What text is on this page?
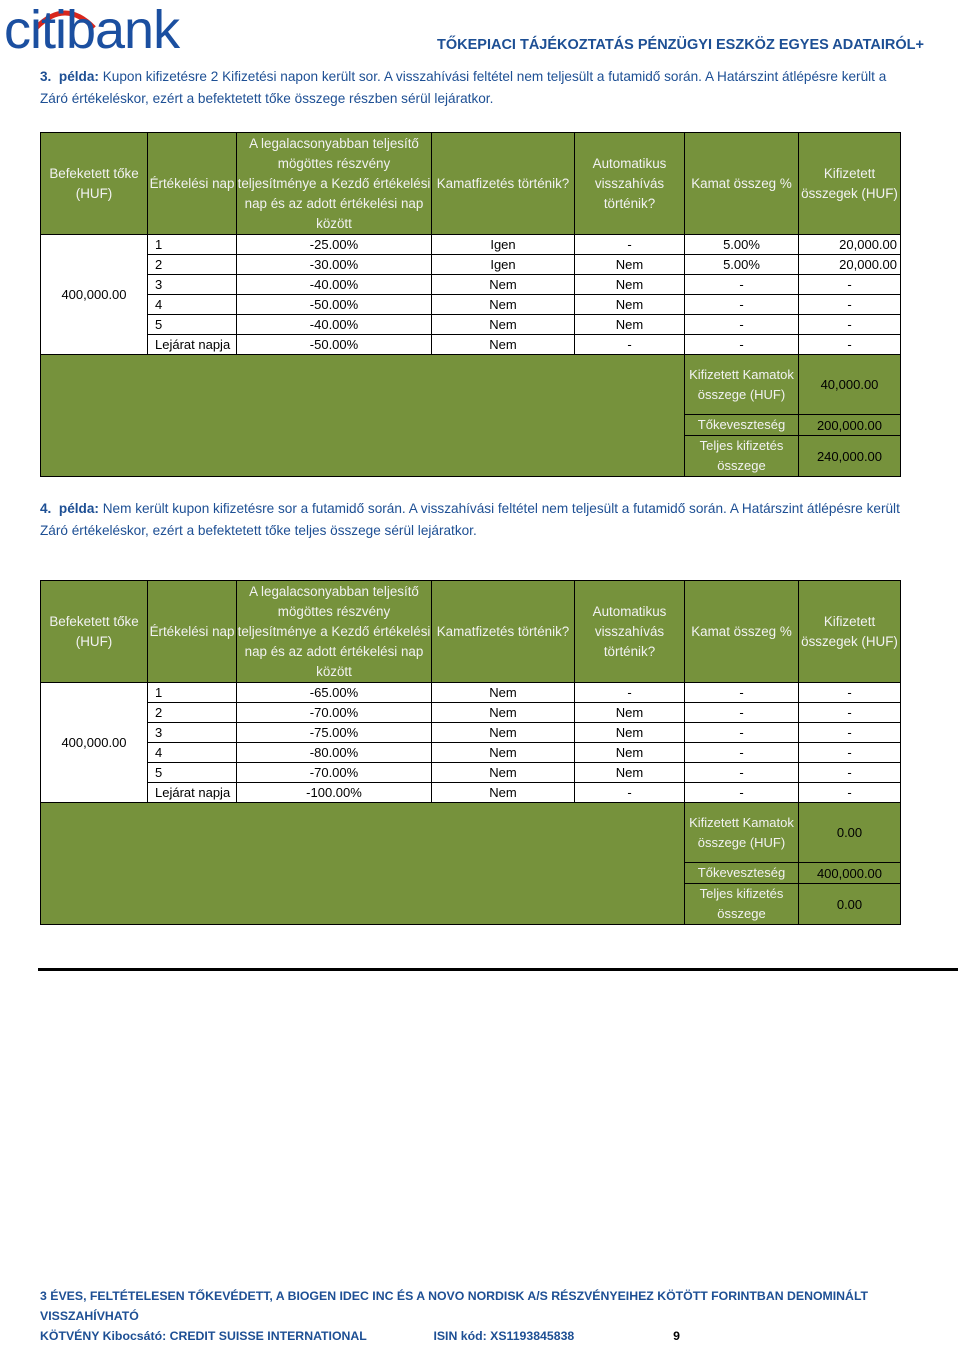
citibank	TŐKEPIACI TÁJÉKOZTATÁS PÉNZÜGYI ESZKÖZ EGYES ADATAIRÓL+
3. példa: Kupon kifizetésre 2 Kifizetési napon került sor. A visszahívási feltétel nem teljesült a futamidő során. A Határszint átlépésre került a
Záró értékeléskor, ezért a befektetett tőke összege részben sérül lejáratkor.
Befeketett tőke (HUF)	Értékelési nap	A legalacsonyabban teljesítő mögöttes részvény teljesítménye a Kezdő értékelési nap és az adott értékelési nap között	Kamatfizetés történik?	Automatikus visszahívás történik?	Kamat összeg %	Kifizetett összegek (HUF)
400,000.00	1	-25.00%	Igen	-	5.00%	20,000.00
	2	-30.00%	Igen	Nem	5.00%	20,000.00
	3	-40.00%	Nem	Nem	-	-
	4	-50.00%	Nem	Nem	-	-
	5	-40.00%	Nem	Nem	-	-
	Lejárat napja	-50.00%	Nem	-	-	-
					Kifizetett Kamatok összege (HUF)	40,000.00
					Tőkeveszteség	200,000.00
					Teljes kifizetés összege	240,000.00
4. példa: Nem került kupon kifizetésre sor a futamidő során. A visszahívási feltétel nem teljesült a futamidő során. A Határszint átlépésre került
Záró értékeléskor, ezért a befektetett tőke teljes összege sérül lejáratkor.
Befeketett tőke (HUF)	Értékelési nap	A legalacsonyabban teljesítő mögöttes részvény teljesítménye a Kezdő értékelési nap és az adott értékelési nap között	Kamatfizetés történik?	Automatikus visszahívás történik?	Kamat összeg %	Kifizetett összegek (HUF)
400,000.00	1	-65.00%	Nem	-	-	-
	2	-70.00%	Nem	Nem	-	-
	3	-75.00%	Nem	Nem	-	-
	4	-80.00%	Nem	Nem	-	-
	5	-70.00%	Nem	Nem	-	-
	Lejárat napja	-100.00%	Nem	-	-	-
					Kifizetett Kamatok összege (HUF)	0.00
					Tőkeveszteség	400,000.00
					Teljes kifizetés összege	0.00
3 ÉVES, FELTÉTELESEN TŐKEVÉDETT, A BIOGEN IDEC INC ÉS A NOVO NORDISK A/S RÉSZVÉNYEIHEZ KÖTÖTT FORINTBAN DENOMINÁLT VISSZAHÍVHATÓ
KÖTVÉNY Kibocsátó: CREDIT SUISSE INTERNATIONAL	ISIN kód: XS1193845838	9
